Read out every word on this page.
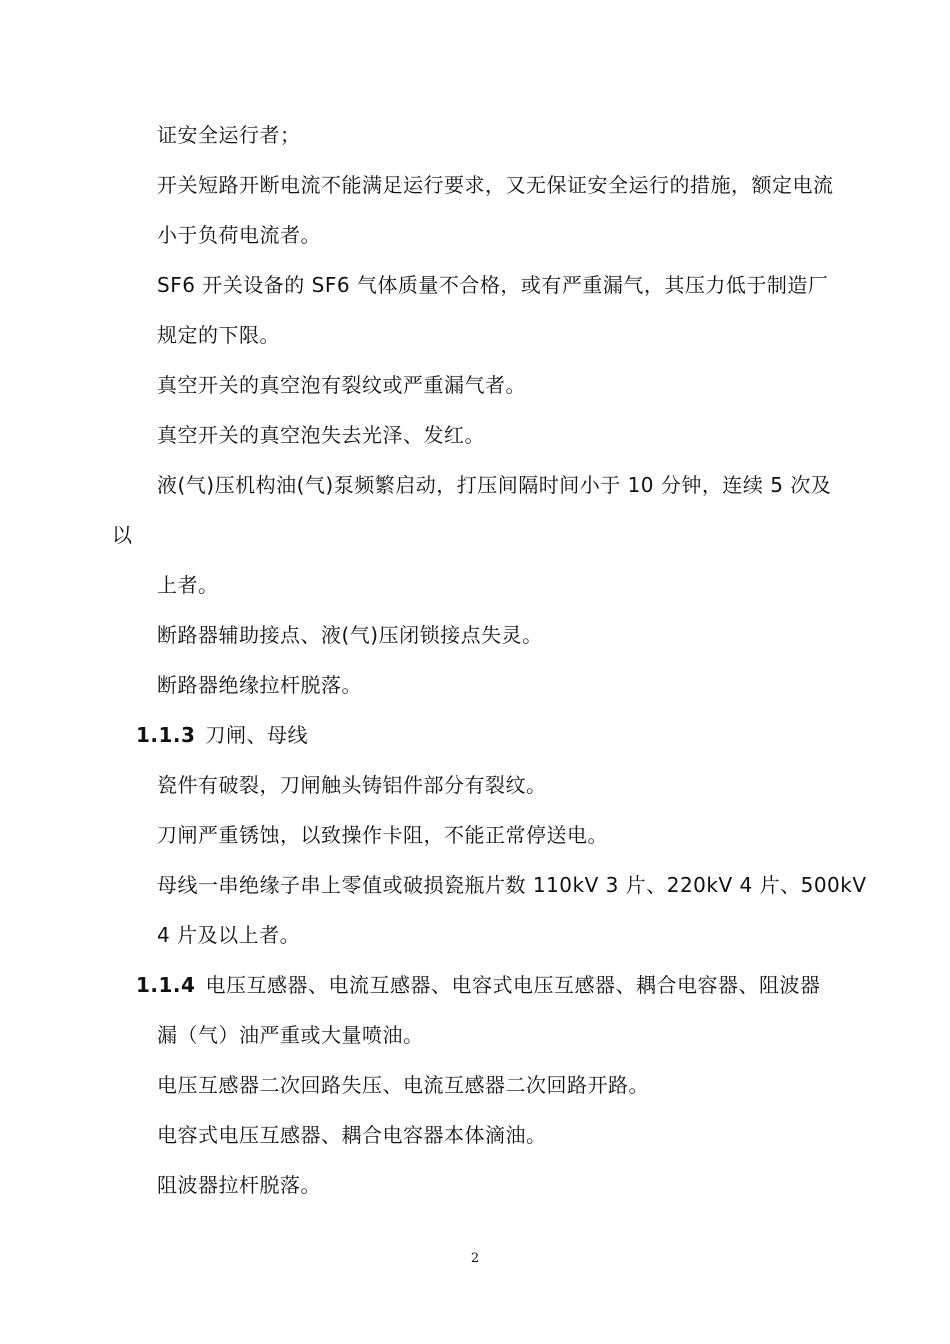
证安全运行者；
开关短路开断电流不能满足运行要求，又无保证安全运行的措施，额定电流
小于负荷电流者。
SF6 开关设备的 SF6 气体质量不合格，或有严重漏气，其压力低于制造厂
规定的下限。
真空开关的真空泡有裂纹或严重漏气者。
真空开关的真空泡失去光泽、发红。
液(气)压机构油(气)泵频繁启动，打压间隔时间小于 10 分钟，连续 5 次及
以
上者。
断路器辅助接点、液(气)压闭锁接点失灵。
断路器绝缘拉杆脱落。
1.1.3 刀闸、母线
瓷件有破裂，刀闸触头铸铝件部分有裂纹。
刀闸严重锈蚀，以致操作卡阻，不能正常停送电。
母线一串绝缘子串上零值或破损瓷瓶片数 110kV 3 片、220kV 4 片、500kV
4 片及以上者。
1.1.4 电压互感器、电流互感器、电容式电压互感器、耦合电容器、阻波器
漏（气）油严重或大量喷油。
电压互感器二次回路失压、电流互感器二次回路开路。
电容式电压互感器、耦合电容器本体滴油。
阻波器拉杆脱落。
2
